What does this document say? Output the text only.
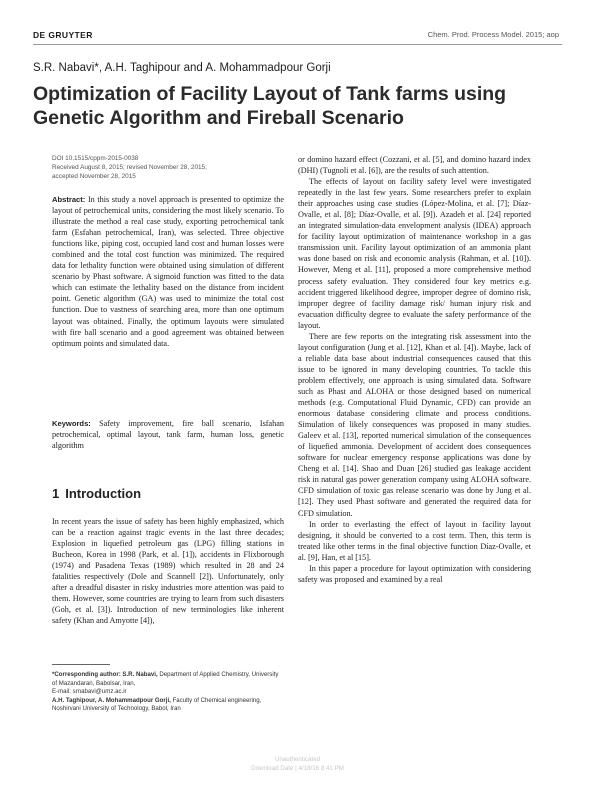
DE GRUYTER	Chem. Prod. Process Model. 2015; aop
S.R. Nabavi*, A.H. Taghipour and A. Mohammadpour Gorji
Optimization of Facility Layout of Tank farms using Genetic Algorithm and Fireball Scenario
DOI 10.1515/cppm-2015-0038
Received August 8, 2015; revised November 28, 2015;
accepted November 28, 2015

Abstract: In this study a novel approach is presented to optimize the layout of petrochemical units, considering the most likely scenario. To illustrate the method a real case study, exporting petrochemical tank farm (Esfahan petrochemical, Iran), was selected. Three objective functions like, piping cost, occupied land cost and human losses were combined and the total cost function was minimized. The required data for lethality function were obtained using simulation of different scenario by Phast software. A sigmoid function was fitted to the data which can estimate the lethality based on the distance from incident point. Genetic algorithm (GA) was used to minimize the total cost function. Due to vastness of searching area, more than one optimum layout was obtained. Finally, the optimum layouts were simulated with fire ball scenario and a good agreement was obtained between optimum points and simulated data.

Keywords: Safety improvement, fire ball scenario, Isfahan petrochemical, optimal layout, tank farm, human loss, genetic algorithm

1 Introduction

In recent years the issue of safety has been highly emphasized, which can be a reaction against tragic events in the last three decades; Explosion in liquefied petroleum gas (LPG) filling stations in Bucheon, Korea in 1998 (Park, et al. [1]), accidents in Flixborough (1974) and Pasadena Texas (1989) which resulted in 28 and 24 fatalities respectively (Dole and Scannell [2]). Unfortunately, only after a dreadful disaster in risky industries more attention was paid to them. However, some countries are trying to learn from such disasters (Goh, et al. [3]). Introduction of new terminologies like inherent safety (Khan and Amyotte [4]),

*Corresponding author: S.R. Nabavi, Department of Applied Chemistry, University of Mazandaran, Babolsar, Iran,
E-mail: srnabavi@umz.ac.ir
A.H. Taghipour, A. Mohammadpour Gorji, Faculty of Chemical engineering, Noshirvani University of Technology, Babol, Iran

or domino hazard effect (Cozzani, et al. [5], and domino hazard index (DHI) (Tugnoli et al. [6]), are the results of such attention.

The effects of layout on facility safety level were investigated repeatedly in the last few years. Some researchers prefer to explain their approaches using case studies (López-Molina, et al. [7]; Díaz-Ovalle, et al. [8]; Díaz-Ovalle, et al. [9]). Azadeh et al. [24] reported an integrated simulation-data envelopment analysis (IDEA) approach for facility layout optimization of maintenance workshop in a gas transmission unit. Facility layout optimization of an ammonia plant was done based on risk and economic analysis (Rahman, et al. [10]). However, Meng et al. [11], proposed a more comprehensive method process safety evaluation. They considered four key metrics e.g. accident triggered likelihood degree, improper degree of domino risk, improper degree of facility damage risk/ human injury risk and evacuation difficulty degree to evaluate the safety performance of the layout.

There are few reports on the integrating risk assessment into the layout configuration (Jung et al. [12], Khan et al. [4]). Maybe, lack of a reliable data base about industrial consequences caused that this issue to be ignored in many developing countries. To tackle this problem effectively, one approach is using simulated data. Software such as Phast and ALOHA or those designed based on numerical methods (e.g. Computational Fluid Dynamic, CFD) can provide an enormous database considering climate and process conditions. Simulation of likely consequences was proposed in many studies. Galeev et al. [13], reported numerical simulation of the consequences of liquefied ammonia. Development of accident does consequences software for nuclear emergency response applications was done by Cheng et al. [14]. Shao and Duan [26] studied gas leakage accident risk in natural gas power generation company using ALOHA software. CFD simulation of toxic gas release scenario was done by Jung et al. [12]. They used Phast software and generated the required data for CFD simulation.

In order to everlasting the effect of layout in facility layout designing, it should be converted to a cost term. Then, this term is treated like other terms in the final objective function Díaz-Ovalle, et al. [9], Han, et al [15].

In this paper a procedure for layout optimization with considering safety was proposed and examined by a real

Unauthenticated
Download Date | 4/18/16 8:41 PM
